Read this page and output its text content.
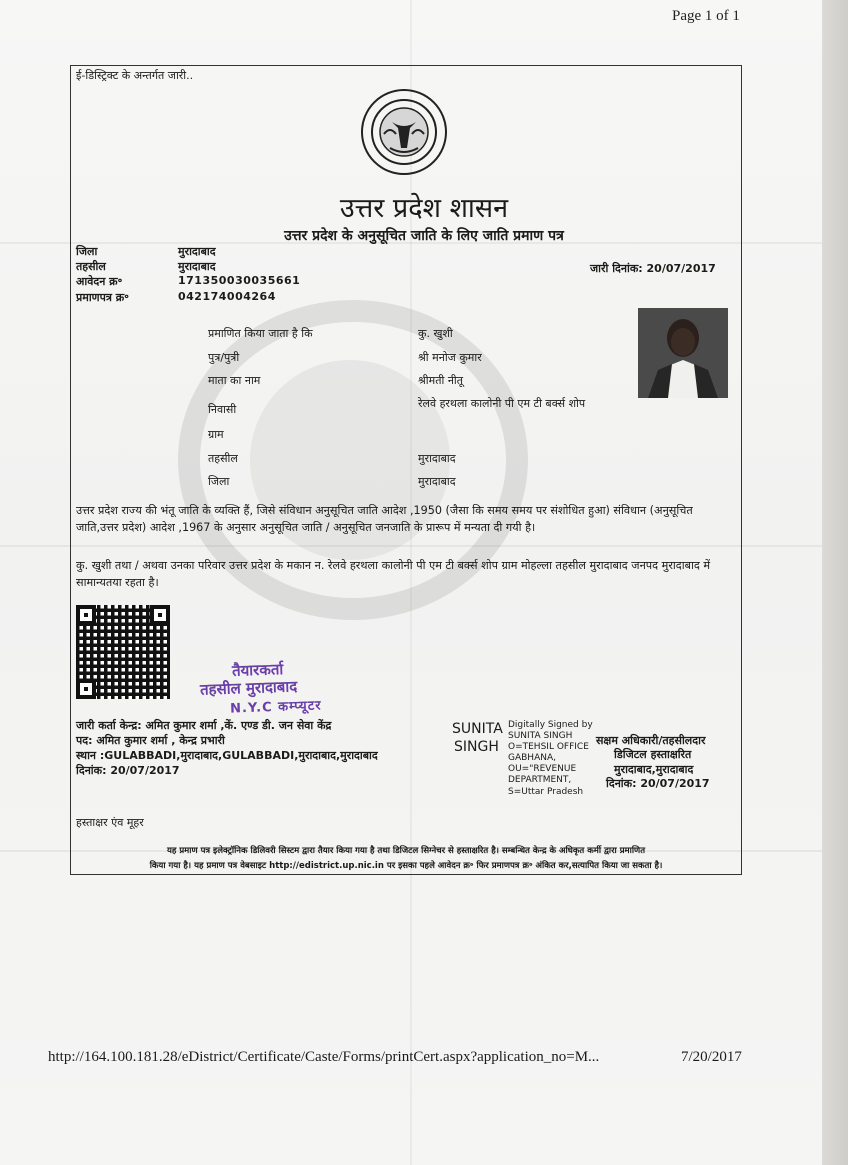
Page 1 of 1
ई-डिस्ट्रिक्ट के अन्तर्गत जारी..
उत्तर प्रदेश शासन
उत्तर प्रदेश के अनुसूचित जाति के लिए जाति प्रमाण पत्र
जिला	मुरादाबाद
तहसील	मुरादाबाद
आवेदन क्र॰	171350030035661
प्रमाणपत्र क्र॰	042174004264
जारी दिनांक: 20/07/2017
प्रमाणित किया जाता है कि	कु. खुशी
पुत्र/पुत्री	श्री मनोज कुमार
माता का नाम	श्रीमती नीतू
निवासी	रेलवे हरथला कालोनी पी एम टी बर्क्स शोप
ग्राम
तहसील	मुरादाबाद
जिला	मुरादाबाद
उत्तर प्रदेश राज्य की भंतू जाति के व्यक्ति हैं, जिसे संविधान अनुसूचित जाति आदेश ,1950 (जैसा कि समय समय पर संशोधित हुआ) संविधान (अनुसूचित जाति,उत्तर प्रदेश) आदेश ,1967 के अनुसार अनुसूचित जाति / अनुसूचित जनजाति के प्रारूप में मन्यता दी गयी है।
कु. खुशी तथा / अथवा उनका परिवार उत्तर प्रदेश के मकान न. रेलवे हरथला कालोनी पी एम टी बर्क्स शोप ग्राम मोहल्ला तहसील मुरादाबाद जनपद मुरादाबाद में सामान्यतया रहता है।
तैयारकर्ता
तहसील मुरादाबाद
N.Y.C कम्प्यूटर
जारी कर्ता केन्द्र: अमित कुमार शर्मा ,कें. एण्ड डी. जन सेवा केंद्र
पद: अमित कुमार शर्मा , केन्द्र प्रभारी
स्थान :GULABBADI,मुरादाबाद,GULABBADI,मुरादाबाद,मुरादाबाद
दिनांक: 20/07/2017
SUNITA
SINGH
Digitally Signed by
SUNITA SINGH
O=TEHSIL OFFICE
GABHANA,
OU="REVENUE
DEPARTMENT,
S=Uttar Pradesh
सक्षम अधिकारी/तहसीलदार
डिजिटल हस्ताक्षरित
मुरादाबाद,मुरादाबाद
दिनांक: 20/07/2017
हस्ताक्षर एंव मूहर
यह प्रमाण पत्र इलेक्ट्रॉनिक डिलिवरी सिस्टम द्वारा तैयार किया गया है तथा डिजिटल सिग्नेचर से हस्ताक्षरित है। सम्बन्धित केन्द्र के अधिकृत कर्मी द्वारा प्रमाणित
किया गया है। यह प्रमाण पत्र वेबसाइट http://edistrict.up.nic.in पर इसका पहले आवेदन क्र॰ फिर प्रमाणपत्र क्र॰ अंकित कर,सत्यापित किया जा सकता है।
http://164.100.181.28/eDistrict/Certificate/Caste/Forms/printCert.aspx?application_no=M...	7/20/2017
